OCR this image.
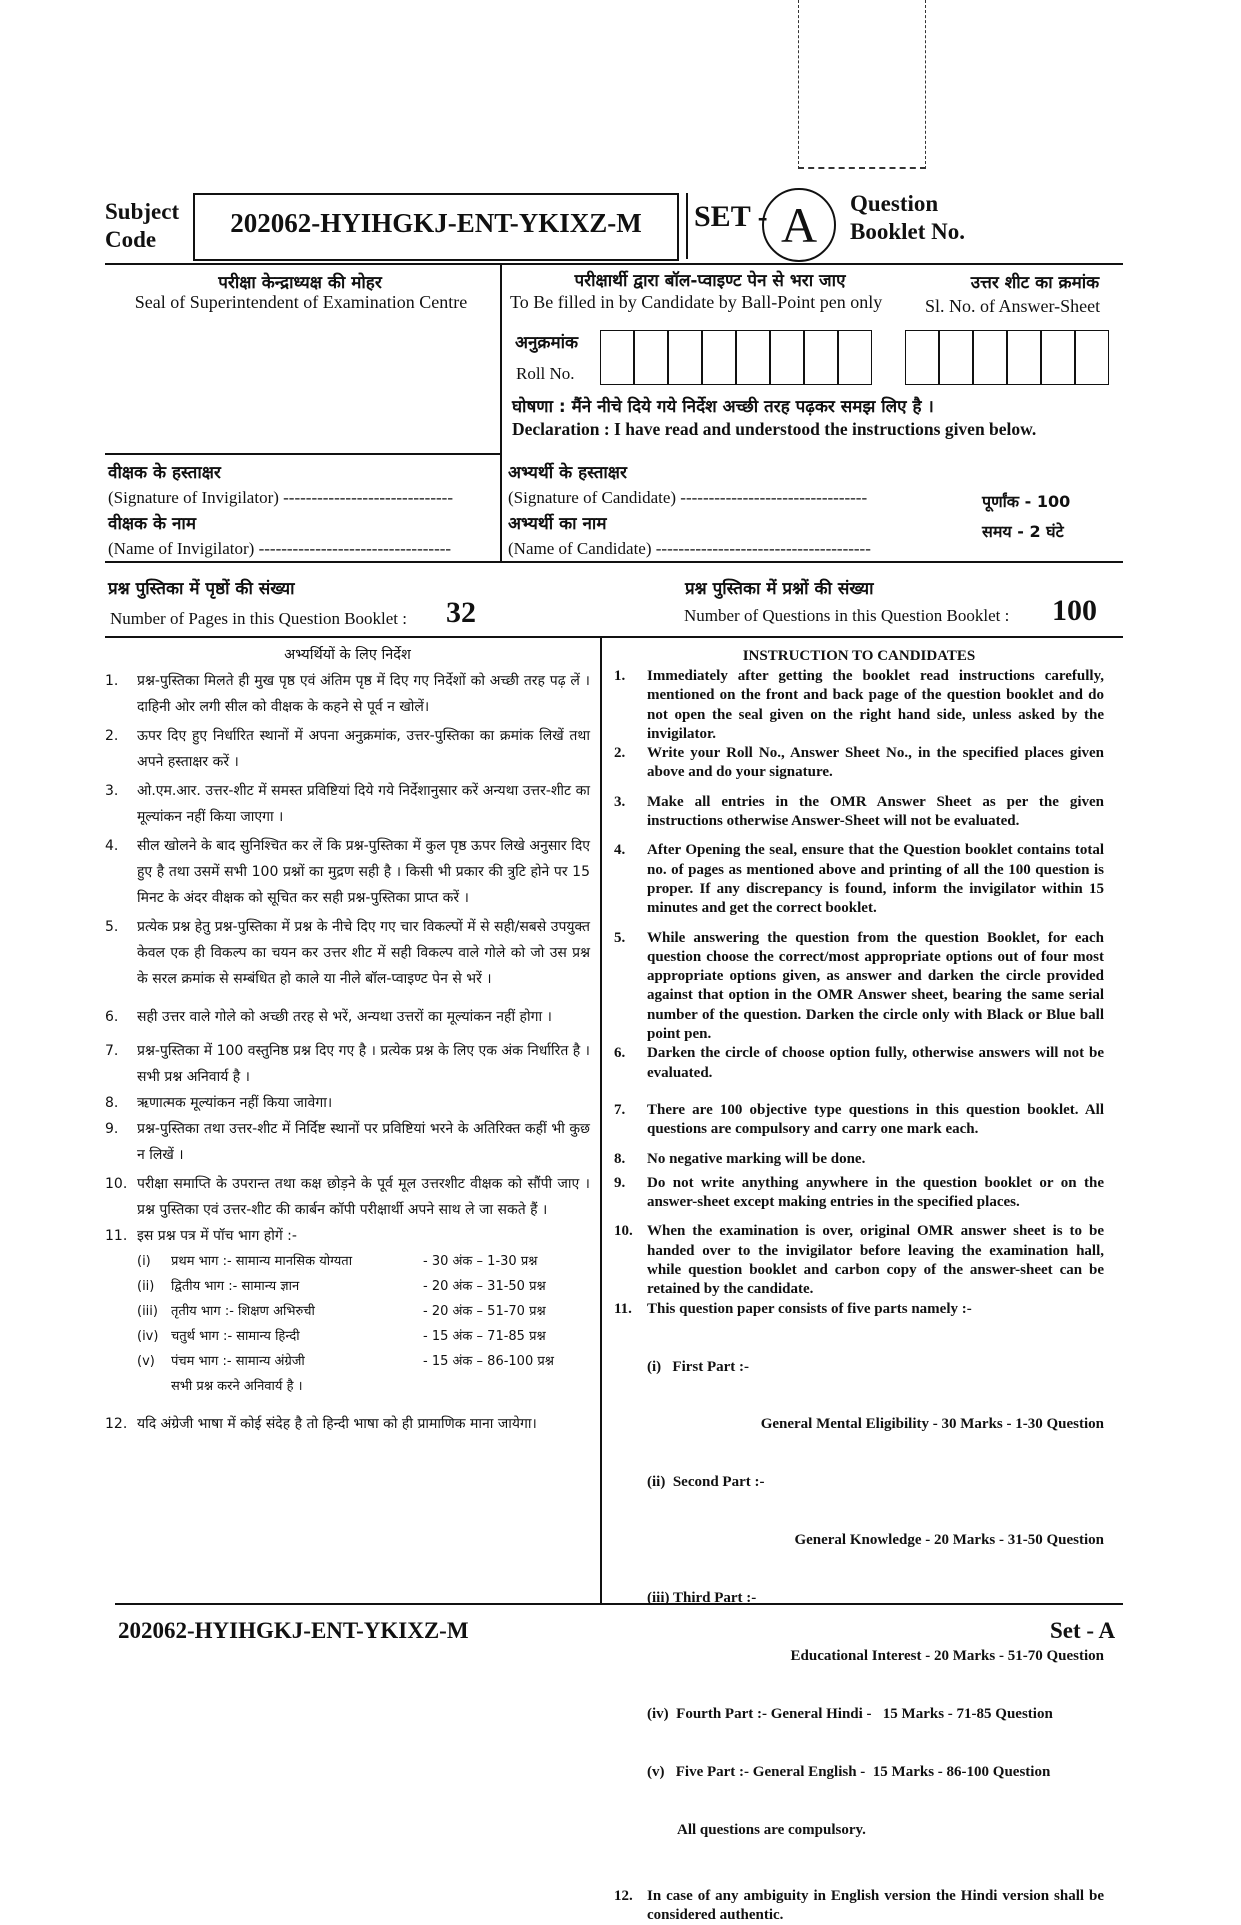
Subject
Code
202062-HYIHGKJ-ENT-YKIXZ-M	SET - A	Question
Booklet No.
परीक्षा केन्द्राध्यक्ष की मोहर
Seal of Superintendent of Examination Centre
परीक्षार्थी द्वारा बॉल-प्वाइण्ट पेन से भरा जाए
To Be filled in by Candidate by Ball-Point pen only
उत्तर शीट का क्रमांक
Sl. No. of Answer-Sheet
अनुक्रमांक
Roll No.
घोषणा : मैंने नीचे दिये गये निर्देश अच्छी तरह पढ़कर समझ लिए है ।
Declaration : I have read and understood the instructions given below.
वीक्षक के हस्ताक्षर
(Signature of Invigilator) ------------------------------
वीक्षक के नाम
(Name of Invigilator) ----------------------------------
अभ्यर्थी के हस्ताक्षर
(Signature of Candidate) ---------------------------------
अभ्यर्थी का नाम
(Name of Candidate) --------------------------------------
पूर्णांक - 100
समय - 2 घंटे
प्रश्न पुस्तिका में पृष्ठों की संख्या
Number of Pages in this Question Booklet : 32
प्रश्न पुस्तिका में प्रश्नों की संख्या
Number of Questions in this Question Booklet : 100
अभ्यर्थियों के लिए निर्देश
1. प्रश्न-पुस्तिका मिलते ही मुख पृष्ठ एवं अंतिम पृष्ठ में दिए गए निर्देशों को अच्छी तरह पढ़ लें । दाहिनी ओर लगी सील को वीक्षक के कहने से पूर्व न खोलें।
2. ऊपर दिए हुए निर्धारित स्थानों में अपना अनुक्रमांक, उत्तर-पुस्तिका का क्रमांक लिखें तथा अपने हस्ताक्षर करें ।
3. ओ.एम.आर. उत्तर-शीट में समस्त प्रविष्टियां दिये गये निर्देशानुसार करें अन्यथा उत्तर-शीट का मूल्यांकन नहीं किया जाएगा ।
4. सील खोलने के बाद सुनिश्चित कर लें कि प्रश्न-पुस्तिका में कुल पृष्ठ ऊपर लिखे अनुसार दिए हुए है तथा उसमें सभी 100 प्रश्नों का मुद्रण सही है । किसी भी प्रकार की त्रुटि होने पर 15 मिनट के अंदर वीक्षक को सूचित कर सही प्रश्न-पुस्तिका प्राप्त करें ।
5. प्रत्येक प्रश्न हेतु प्रश्न-पुस्तिका में प्रश्न के नीचे दिए गए चार विकल्पों में से सही/सबसे उपयुक्त केवल एक ही विकल्प का चयन कर उत्तर शीट में सही विकल्प वाले गोले को जो उस प्रश्न के सरल क्रमांक से सम्बंधित हो काले या नीले बॉल-प्वाइण्ट पेन से भरें ।
6. सही उत्तर वाले गोले को अच्छी तरह से भरें, अन्यथा उत्तरों का मूल्यांकन नहीं होगा ।
7. प्रश्न-पुस्तिका में 100 वस्तुनिष्ठ प्रश्न दिए गए है । प्रत्येक प्रश्न के लिए एक अंक निर्धारित है । सभी प्रश्न अनिवार्य है ।
8. ऋणात्मक मूल्यांकन नहीं किया जावेगा।
9. प्रश्न-पुस्तिका तथा उत्तर-शीट में निर्दिष्ट स्थानों पर प्रविष्टियां भरने के अतिरिक्त कहीं भी कुछ न लिखें ।
10. परीक्षा समाप्ति के उपरान्त तथा कक्ष छोड़ने के पूर्व मूल उत्तरशीट वीक्षक को सौंपी जाए । प्रश्न पुस्तिका एवं उत्तर-शीट की कार्बन कॉपी परीक्षार्थी अपने साथ ले जा सकते हैं ।
11. इस प्रश्न पत्र में पॉच भाग होगें :-
(i)	प्रथम भाग :- सामान्य मानसिक योग्यता	- 30 अंक – 1-30 प्रश्न
(ii)	द्वितीय भाग :- सामान्य ज्ञान	- 20 अंक – 31-50 प्रश्न
(iii)	तृतीय भाग :- शिक्षण अभिरुची	- 20 अंक – 51-70 प्रश्न
(iv) चतुर्थ भाग :- सामान्य हिन्दी	- 15 अंक – 71-85 प्रश्न
(v)	पंचम भाग :- सामान्य अंग्रेजी	- 15 अंक – 86-100 प्रश्न
सभी प्रश्न करने अनिवार्य है ।
12. यदि अंग्रेजी भाषा में कोई संदेह है तो हिन्दी भाषा को ही प्रामाणिक माना जायेगा।
INSTRUCTION TO CANDIDATES
1. Immediately after getting the booklet read instructions carefully, mentioned on the front and back page of the question booklet and do not open the seal given on the right hand side, unless asked by the invigilator.
2. Write your Roll No., Answer Sheet No., in the specified places given above and do your signature.
3. Make all entries in the OMR Answer Sheet as per the given instructions otherwise Answer-Sheet will not be evaluated.
4. After Opening the seal, ensure that the Question booklet contains total no. of pages as mentioned above and printing of all the 100 question is proper. If any discrepancy is found, inform the invigilator within 15 minutes and get the correct booklet.
5. While answering the question from the question Booklet, for each question choose the correct/most appropriate options out of four most appropriate options given, as answer and darken the circle provided against that option in the OMR Answer sheet, bearing the same serial number of the question. Darken the circle only with Black or Blue ball point pen.
6. Darken the circle of choose option fully, otherwise answers will not be evaluated.
7. There are 100 objective type questions in this question booklet. All questions are compulsory and carry one mark each.
8. No negative marking will be done.
9. Do not write anything anywhere in the question booklet or on the answer-sheet except making entries in the specified places.
10. When the examination is over, original OMR answer sheet is to be handed over to the invigilator before leaving the examination hall, while question booklet and carbon copy of the answer-sheet can be retained by the candidate.
11. This question paper consists of five parts namely :-

(i)   First Part :-

General Mental Eligibility - 30 Marks - 1-30 Question

(ii)  Second Part :-

General Knowledge - 20 Marks - 31-50 Question

(iii) Third Part :-

Educational Interest - 20 Marks - 51-70 Question

(iv)  Fourth Part :- General Hindi -   15 Marks - 71-85 Question

(v)   Five Part :- General English -  15 Marks - 86-100 Question

All questions are compulsory.

12. In case of any ambiguity in English version the Hindi version shall be considered authentic.
202062-HYIHGKJ-ENT-YKIXZ-M	Set - A
